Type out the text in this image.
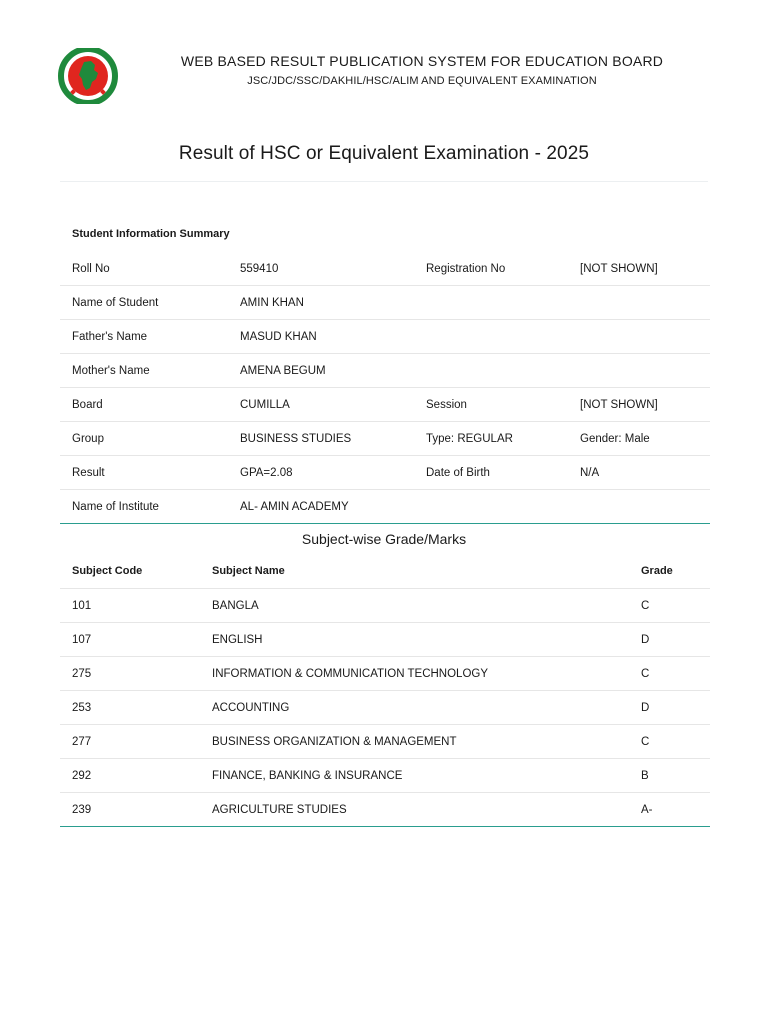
WEB BASED RESULT PUBLICATION SYSTEM FOR EDUCATION BOARD
JSC/JDC/SSC/DAKHIL/HSC/ALIM AND EQUIVALENT EXAMINATION
Result of HSC or Equivalent Examination - 2025
Student Information Summary
Roll No	559410	Registration No	[NOT SHOWN]
Name of Student	AMIN KHAN		
Father's Name	MASUD KHAN		
Mother's Name	AMENA BEGUM		
Board	CUMILLA	Session	[NOT SHOWN]
Group	BUSINESS STUDIES	Type: REGULAR	Gender: Male
Result	GPA=2.08	Date of Birth	N/A
Name of Institute	AL- AMIN ACADEMY		
Subject-wise Grade/Marks
Subject Code	Subject Name	Grade
101	BANGLA	C
107	ENGLISH	D
275	INFORMATION & COMMUNICATION TECHNOLOGY	C
253	ACCOUNTING	D
277	BUSINESS ORGANIZATION & MANAGEMENT	C
292	FINANCE, BANKING & INSURANCE	B
239	AGRICULTURE STUDIES	A-
